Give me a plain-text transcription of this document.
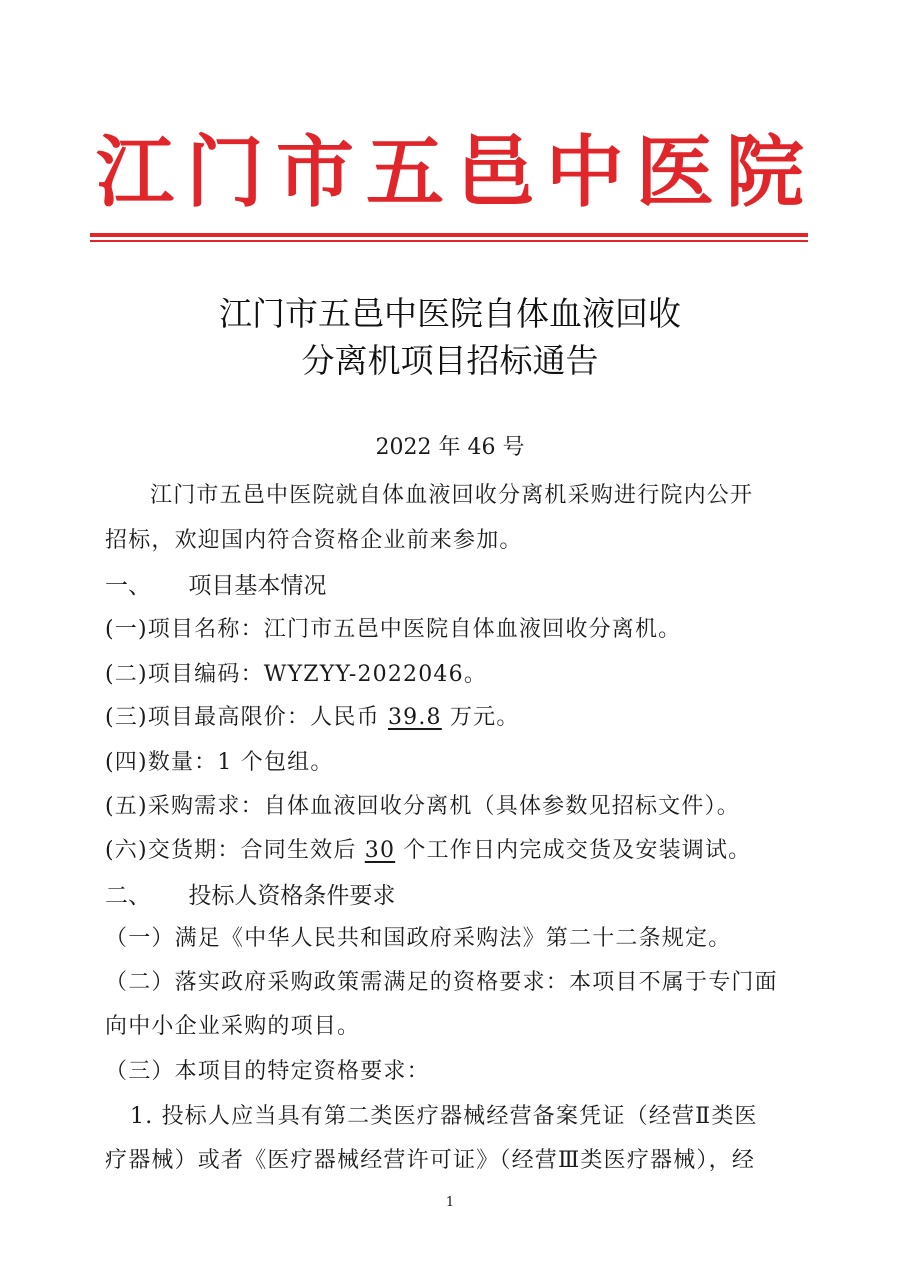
江 门 市 五 邑 中 医 院
江门市五邑中医院自体血液回收
分离机项目招标通告
2022 年 46 号
江门市五邑中医院就自体血液回收分离机采购进行院内公开
招标，欢迎国内符合资格企业前来参加。
一、 项目基本情况
(一)项目名称：江门市五邑中医院自体血液回收分离机。
(二)项目编码：WYZYY-2022046。
(三)项目最高限价：人民币 39.8 万元。
(四)数量：1 个包组。
(五)采购需求：自体血液回收分离机（具体参数见招标文件）。
(六)交货期：合同生效后 30 个工作日内完成交货及安装调试。
二、 投标人资格条件要求
（一）满足《中华人民共和国政府采购法》第二十二条规定。
（二）落实政府采购政策需满足的资格要求：本项目不属于专门面
向中小企业采购的项目。
（三）本项目的特定资格要求：
1. 投标人应当具有第二类医疗器械经营备案凭证（经营Ⅱ类医
疗器械）或者《医疗器械经营许可证》（经营Ⅲ类医疗器械），经
1
